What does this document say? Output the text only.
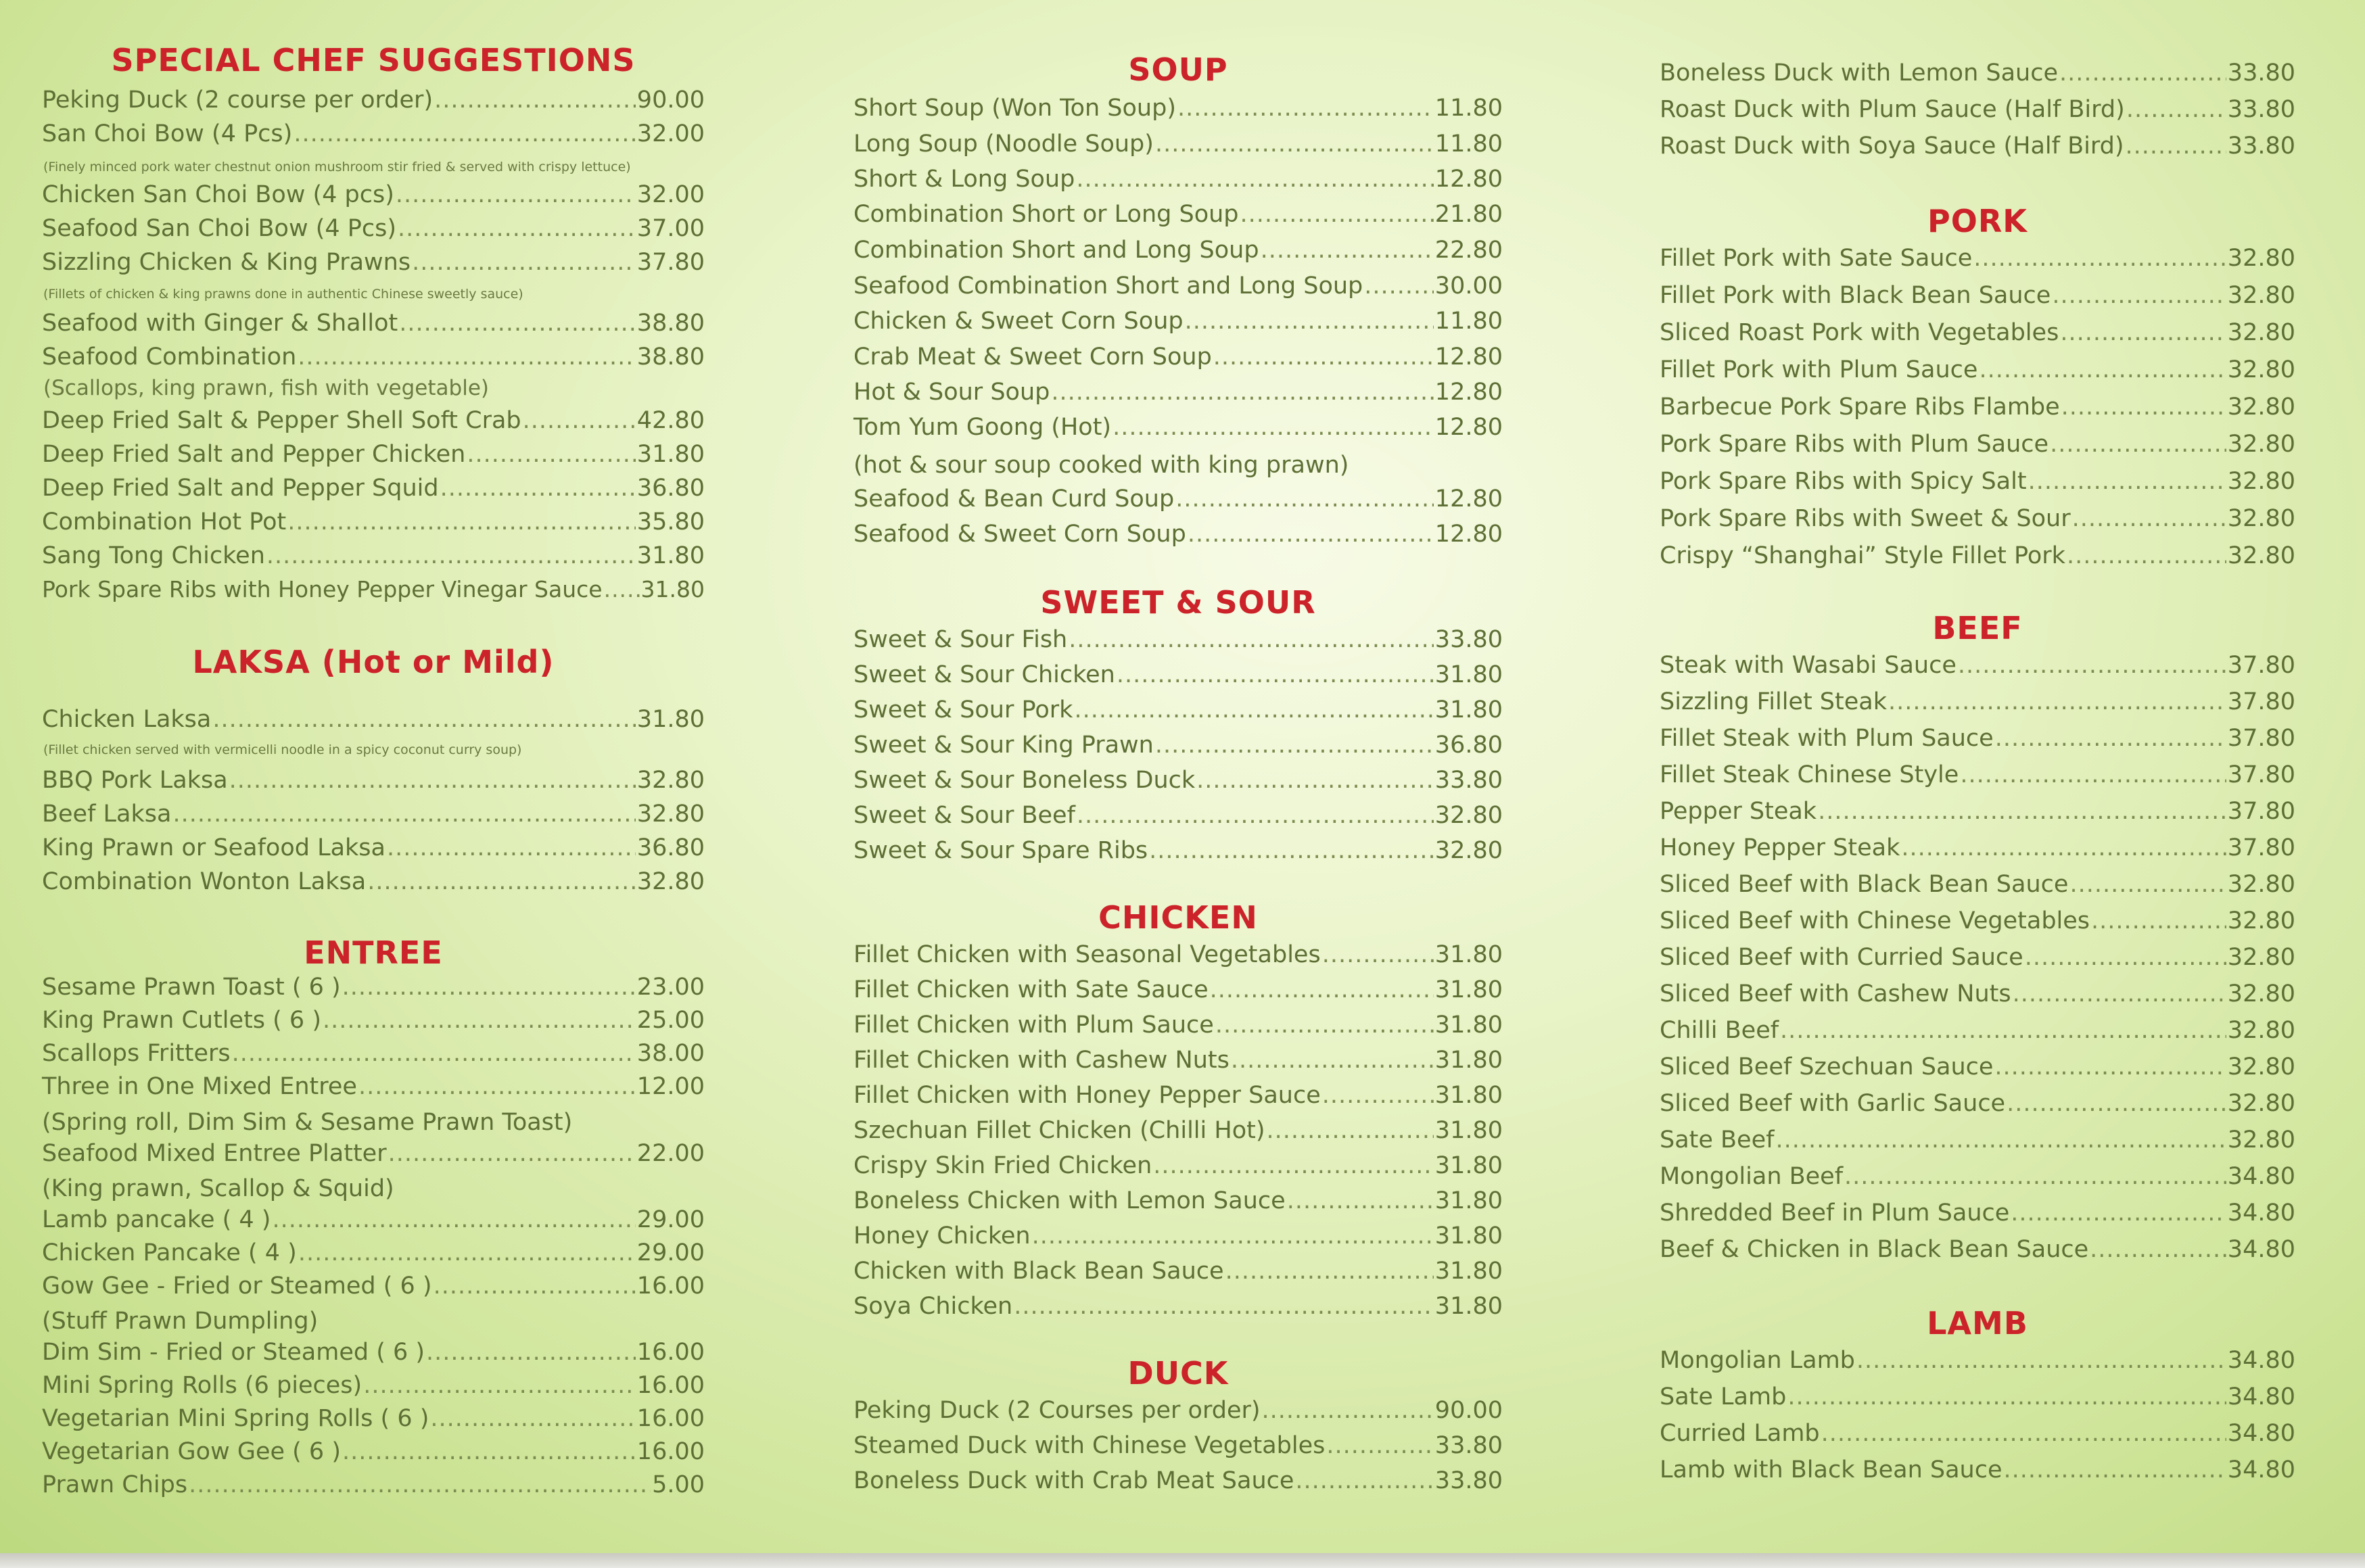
SPECIAL CHEF SUGGESTIONS
Peking Duck (2 course per order) .....	90.00
San Choi Bow (4 Pcs) .....	32.00
(Finely minced pork water chestnut onion mushroom stir fried & served with crispy lettuce)
Chicken San Choi Bow (4 pcs) .....	32.00
Seafood San Choi Bow (4 Pcs) .....	37.00
Sizzling Chicken & King Prawns .....	37.80
(Fillets of chicken & king prawns done in authentic Chinese sweetly sauce)
Seafood with Ginger & Shallot .....	38.80
Seafood Combination .....	38.80
(Scallops, king prawn, fish with vegetable)
Deep Fried Salt & Pepper Shell Soft Crab .....	42.80
Deep Fried Salt and Pepper Chicken .....	31.80
Deep Fried Salt and Pepper Squid .....	36.80
Combination Hot Pot .....	35.80
Sang Tong Chicken .....	31.80
Pork Spare Ribs with Honey Pepper Vinegar Sauce ..... 31.80
LAKSA (Hot or Mild)
Chicken Laksa .....	31.80
(Fillet chicken served with vermicelli noodle in a spicy coconut curry soup)
BBQ Pork Laksa .....	32.80
Beef Laksa .....	32.80
King Prawn or Seafood Laksa .....	36.80
Combination Wonton Laksa .....	32.80
ENTREE
Sesame Prawn Toast ( 6 ) .....	23.00
King Prawn Cutlets ( 6 ) .....	25.00
Scallops Fritters .....	38.00
Three in One Mixed Entree .....	12.00
(Spring roll, Dim Sim & Sesame Prawn Toast)
Seafood Mixed Entree Platter .....	22.00
(King prawn, Scallop & Squid)
Lamb pancake ( 4 ) .....	29.00
Chicken Pancake ( 4 ) .....	29.00
Gow Gee - Fried or Steamed ( 6 ) .....	16.00
(Stuff Prawn Dumpling)
Dim Sim - Fried or Steamed ( 6 ) .....	16.00
Mini Spring Rolls (6 pieces) .....	16.00
Vegetarian Mini Spring Rolls ( 6 ) .....	16.00
Vegetarian Gow Gee ( 6 ) .....	16.00
Prawn Chips .....	5.00
SOUP
Short Soup (Won Ton Soup) .....	11.80
Long Soup (Noodle Soup) .....	11.80
Short & Long Soup .....	12.80
Combination Short or Long Soup .....	21.80
Combination Short and Long Soup .....	22.80
Seafood Combination Short and Long Soup .....	30.00
Chicken & Sweet Corn Soup .....	11.80
Crab Meat & Sweet Corn Soup .....	12.80
Hot & Sour Soup .....	12.80
Tom Yum Goong (Hot) .....	12.80
(hot & sour soup cooked with king prawn)
Seafood & Bean Curd Soup .....	12.80
Seafood & Sweet Corn Soup .....	12.80
SWEET & SOUR
Sweet & Sour Fish .....	33.80
Sweet & Sour Chicken .....	31.80
Sweet & Sour Pork .....	31.80
Sweet & Sour King Prawn .....	36.80
Sweet & Sour Boneless Duck .....	33.80
Sweet & Sour Beef .....	32.80
Sweet & Sour Spare Ribs .....	32.80
CHICKEN
Fillet Chicken with Seasonal Vegetables .....	31.80
Fillet Chicken with Sate Sauce .....	31.80
Fillet Chicken with Plum Sauce .....	31.80
Fillet Chicken with Cashew Nuts .....	31.80
Fillet Chicken with Honey Pepper Sauce .....	31.80
Szechuan Fillet Chicken (Chilli Hot) .....	31.80
Crispy Skin Fried Chicken .....	31.80
Boneless Chicken with Lemon Sauce .....	31.80
Honey Chicken .....	31.80
Chicken with Black Bean Sauce .....	31.80
Soya Chicken .....	31.80
DUCK
Peking Duck (2 Courses per order) .....	90.00
Steamed Duck with Chinese Vegetables .....	33.80
Boneless Duck with Crab Meat Sauce .....	33.80
Boneless Duck with Lemon Sauce .....	33.80
Roast Duck with Plum Sauce (Half Bird) .....	33.80
Roast Duck with Soya Sauce (Half Bird) .....	33.80
PORK
Fillet Pork with Sate Sauce .....	32.80
Fillet Pork with Black Bean Sauce .....	32.80
Sliced Roast Pork with Vegetables .....	32.80
Fillet Pork with Plum Sauce .....	32.80
Barbecue Pork Spare Ribs Flambe .....	32.80
Pork Spare Ribs with Plum Sauce .....	32.80
Pork Spare Ribs with Spicy Salt .....	32.80
Pork Spare Ribs with Sweet & Sour .....	32.80
Crispy “Shanghai” Style Fillet Pork .....	32.80
BEEF
Steak with Wasabi Sauce .....	37.80
Sizzling Fillet Steak .....	37.80
Fillet Steak with Plum Sauce .....	37.80
Fillet Steak Chinese Style .....	37.80
Pepper Steak .....	37.80
Honey Pepper Steak .....	37.80
Sliced Beef with Black Bean Sauce .....	32.80
Sliced Beef with Chinese Vegetables .....	32.80
Sliced Beef with Curried Sauce .....	32.80
Sliced Beef with Cashew Nuts .....	32.80
Chilli Beef .....	32.80
Sliced Beef Szechuan Sauce .....	32.80
Sliced Beef with Garlic Sauce .....	32.80
Sate Beef .....	32.80
Mongolian Beef .....	34.80
Shredded Beef in Plum Sauce .....	34.80
Beef & Chicken in Black Bean Sauce .....	34.80
LAMB
Mongolian Lamb .....	34.80
Sate Lamb .....	34.80
Curried Lamb .....	34.80
Lamb with Black Bean Sauce .....	34.80
